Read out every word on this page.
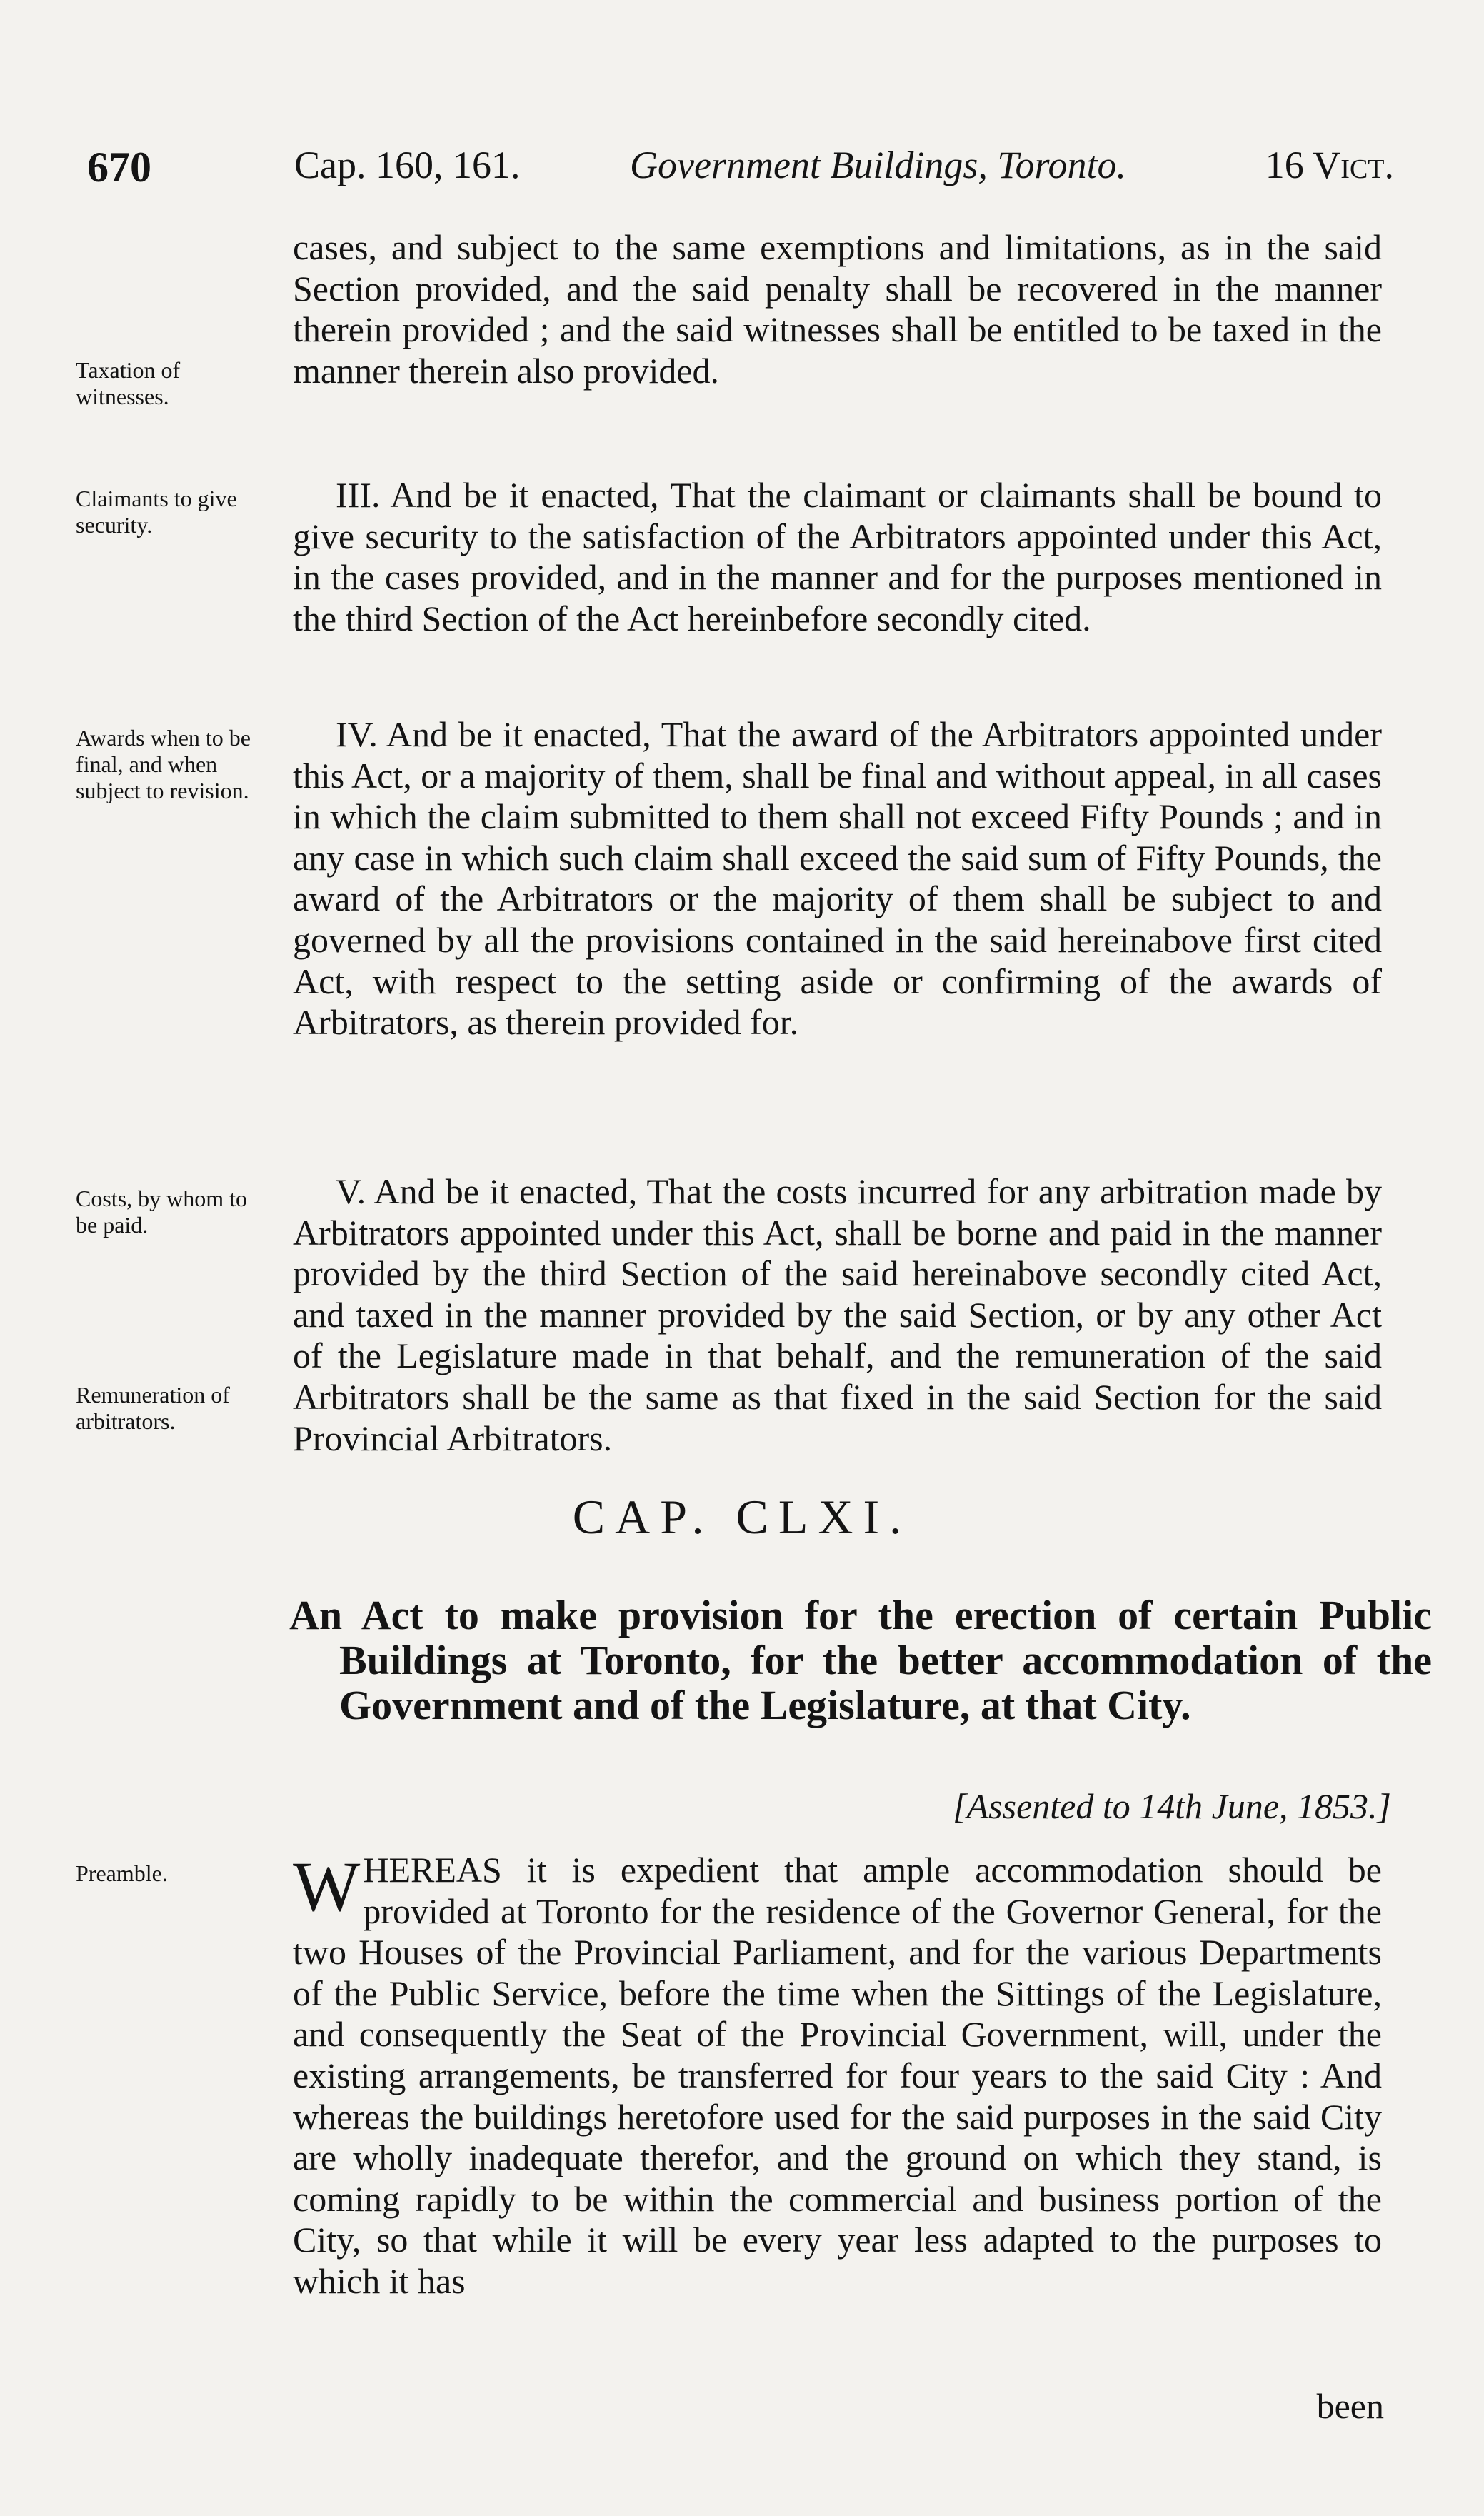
670	Cap. 160, 161.	Government Buildings, Toronto.	16 Vict.
Taxation of witnesses.

cases, and subject to the same exemptions and limitations, as in the said Section provided, and the said penalty shall be recovered in the manner therein provided ; and the said witnesses shall be entitled to be taxed in the manner therein also provided.

Claimants to give security.

III. And be it enacted, That the claimant or claimants shall be bound to give security to the satisfaction of the Arbitrators appointed under this Act, in the cases provided, and in the manner and for the purposes mentioned in the third Section of the Act hereinbefore secondly cited.

Awards when to be final, and when subject to revision.

IV. And be it enacted, That the award of the Arbitrators appointed under this Act, or a majority of them, shall be final and without appeal, in all cases in which the claim submitted to them shall not exceed Fifty Pounds ; and in any case in which such claim shall exceed the said sum of Fifty Pounds, the award of the Arbitrators or the majority of them shall be subject to and governed by all the provisions contained in the said hereinabove first cited Act, with respect to the setting aside or confirming of the awards of Arbitrators, as therein provided for.

Costs, by whom to be paid.
Remuneration of arbitrators.

V. And be it enacted, That the costs incurred for any arbitration made by Arbitrators appointed under this Act, shall be borne and paid in the manner provided by the third Section of the said hereinabove secondly cited Act, and taxed in the manner provided by the said Section, or by any other Act of the Legislature made in that behalf, and the remuneration of the said Arbitrators shall be the same as that fixed in the said Section for the said Provincial Arbitrators.

CAP. CLXI.
An Act to make provision for the erection of certain Public Buildings at Toronto, for the better accommodation of the Government and of the Legislature, at that City.
[Assented to 14th June, 1853.]
Preamble.	WHEREAS it is expedient that ample accommodation should be provided at Toronto for the residence of the Governor General, for the two Houses of the Provincial Parliament, and for the various Departments of the Public Service, before the time when the Sittings of the Legislature, and consequently the Seat of the Provincial Government, will, under the existing arrangements, be transferred for four years to the said City : And whereas the buildings heretofore used for the said purposes in the said City are wholly inadequate therefor, and the ground on which they stand, is coming rapidly to be within the commercial and business portion of the City, so that while it will be every year less adapted to the purposes to which it has

been
